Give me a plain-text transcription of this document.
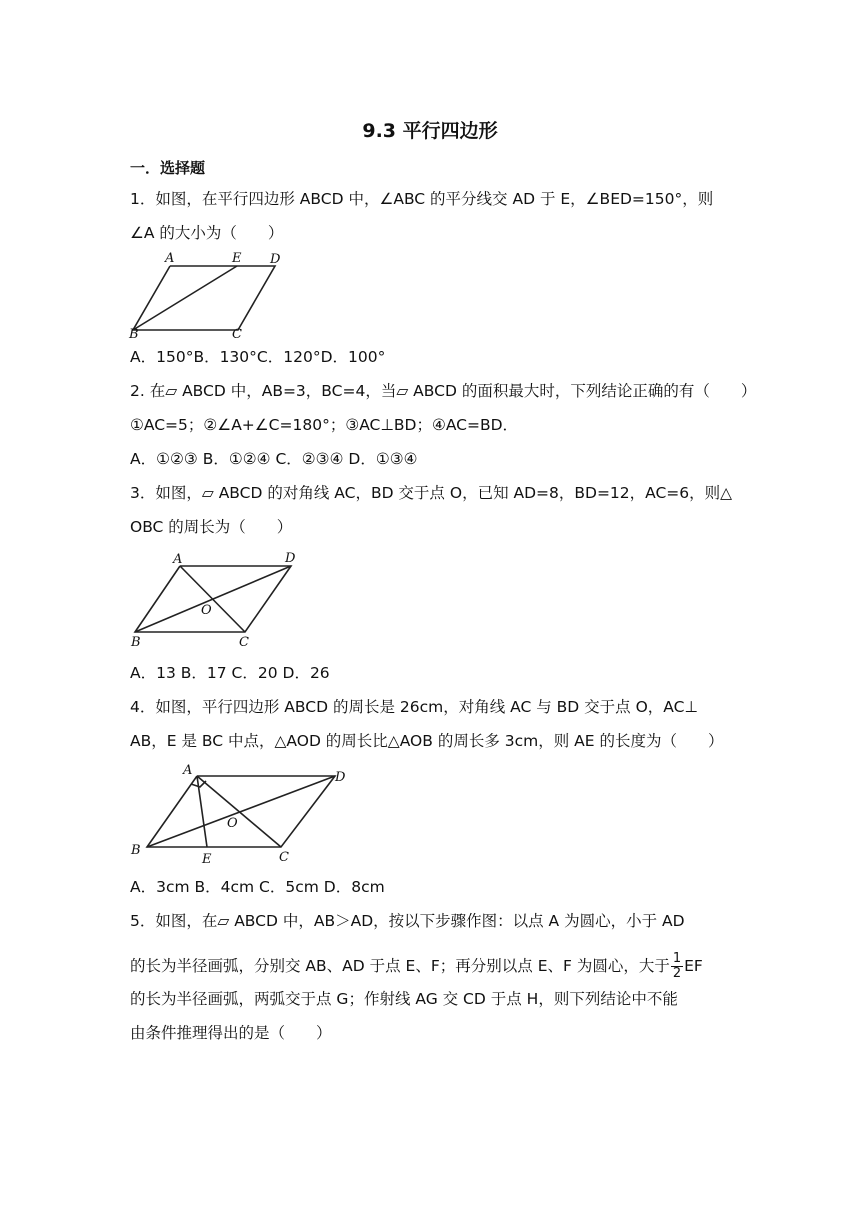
9.3 平行四边形
一．选择题
1．如图，在平行四边形 ABCD 中，∠ABC 的平分线交 AD 于 E，∠BED=150°，则
∠A 的大小为（　　）
A	E D
B	C
A．150°B．130°C．120°D．100°
2. 在▱ ABCD 中，AB=3，BC=4，当▱ ABCD 的面积最大时，下列结论正确的有（　　）
①AC=5；②∠A+∠C=180°；③AC⊥BD；④AC=BD．
A．①②③ B．①②④ C．②③④ D．①③④
3．如图，▱ ABCD 的对角线 AC，BD 交于点 O，已知 AD=8，BD=12，AC=6，则△
OBC 的周长为（　　）
A	D
O
B	C
A．13 B．17 C．20 D．26
4．如图，平行四边形 ABCD 的周长是 26cm，对角线 AC 与 BD 交于点 O，AC⊥
AB，E 是 BC 中点，△AOD 的周长比△AOB 的周长多 3cm，则 AE 的长度为（　　）
A	D
O
B
E	C
A．3cm B．4cm C．5cm D．8cm
5．如图，在▱ ABCD 中，AB＞AD，按以下步骤作图：以点 A 为圆心，小于 AD
的长为半径画弧，分别交 AB、AD 于点 E、F；再分别以点 E、F 为圆心，大于 $\frac{1}{2}$ EF
的长为半径画弧，两弧交于点 G；作射线 AG 交 CD 于点 H，则下列结论中不能
由条件推理得出的是（　　）
